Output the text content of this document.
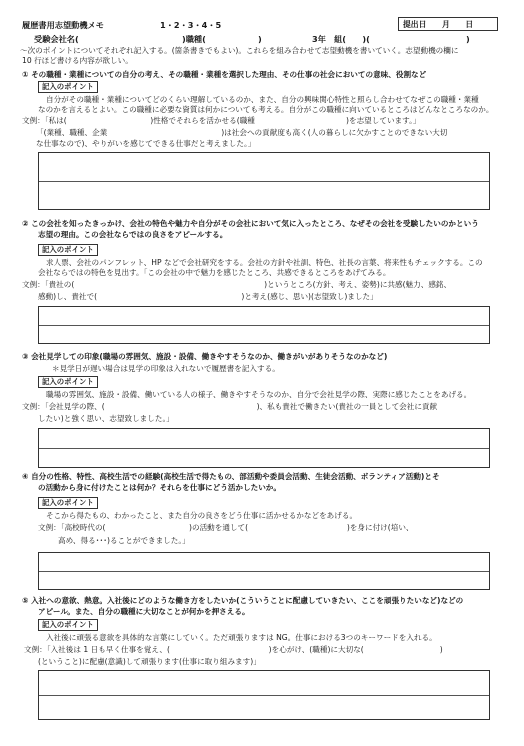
履歴書用志望動機メモ	1・2・3・4・5	提出日　　月　　日
受験会社名(	)職種(	)	3年　組(　　)(	)
～次のポイントについてそれぞれ記入する。(箇条書きでもよい)。これらを組み合わせて志望動機を書いていく。志望動機の欄に
10 行ほど書ける内容が欲しい。
① その職種・業種についての自分の考え、その職種・業種を選択した理由、その仕事の社会においての意味、役割など
記入のポイント
自分がその職種・業種についてどのくらい理解しているのか、また、自分の興味関心特性と照らし合わせてなぜこの職種・業種
なのかを言えるとよい。この職種に必要な資質は何かについても考える。自分がこの職種に向いているところはどんなところなのか。
文例：「私は(　　　　　　　　　　　)性格でそれらを活かせる(職種　　　　　　　　　　　　)を志望しています。」
「(業種、職種、企業　　　　　　　　　　　　　　　)は社会への貢献度も高く(人の暮らしに欠かすことのできない大切
な仕事なので)、やりがいを感じてできる仕事だと考えました。」
② この会社を知ったきっかけ、会社の特色や魅力や自分がその会社において気に入ったところ、なぜその会社を受験したいのかという
志望の理由。この会社ならではの良さをアピールする。
記入のポイント
求人票、会社のパンフレット、HP などで会社研究をする。会社の方針や社訓、特色、社長の言葉、将来性もチェックする。この
会社ならではの特色を見出す。「この会社の中で魅力を感じたところ、共感できるところをあげてみる。
文例：「貴社の(　　　　　　　　　　　　　　　　　　　　　　　　　)というところ(方針、考え、姿勢)に共感(魅力、感銘、
感動)し、貴社で(　　　　　　　　　　　　　　　　　　　)と考え(感じ、思い)(志望致し)ました」
③ 会社見学しての印象(職場の雰囲気、施設・設備、働きやすそうなのか、働きがいがありそうなのかなど)
＊見学日が遅い場合は見学の印象は入れないで履歴書を記入する。
記入のポイント
職場の雰囲気、施設・設備、働いている人の様子、働きやすそうなのか、自分で会社見学の際、実際に感じたことをあげる。
文例：「会社見学の際、(　　　　　　　　　　　　　　　　　　　　)、私も貴社で働きたい(貴社の一員として会社に貢献
したい)と強く思い、志望致しました。」
④ 自分の性格、特性、高校生活での経験(高校生活で得たもの、部活動や委員会活動、生徒会活動、ボランティア活動)とそ
の活動から身に付けたことは何か？それらを仕事にどう活かしたいか。
記入のポイント
そこから得たもの、わかったこと、また自分の良さをどう仕事に活かせるかなどをあげる。
文例：「高校時代の(　　　　　　　　　　　)の活動を通して(　　　　　　　　　　　　　)を身に付け(培い、
高め、得る･･･)ることができました。」
⑤ 入社への意欲、熱意。入社後にどのような働き方をしたいか(こういうことに配慮していきたい、ここを頑張りたいなど)などの
アピール。また、自分の職種に大切なことが何かを押さえる。
記入のポイント
入社後に頑張る意欲を具体的な言葉にしていく。ただ頑張りますは NG。仕事における3つのキーワードを入れる。
文例：「入社後は 1 日も早く仕事を覚え、(　　　　　　　　　　　　　)を心がけ、(職種)に大切な(　　　　　　　　　　)
(ということ)に配慮(意識)して頑張ります(仕事に取り組みます)」
